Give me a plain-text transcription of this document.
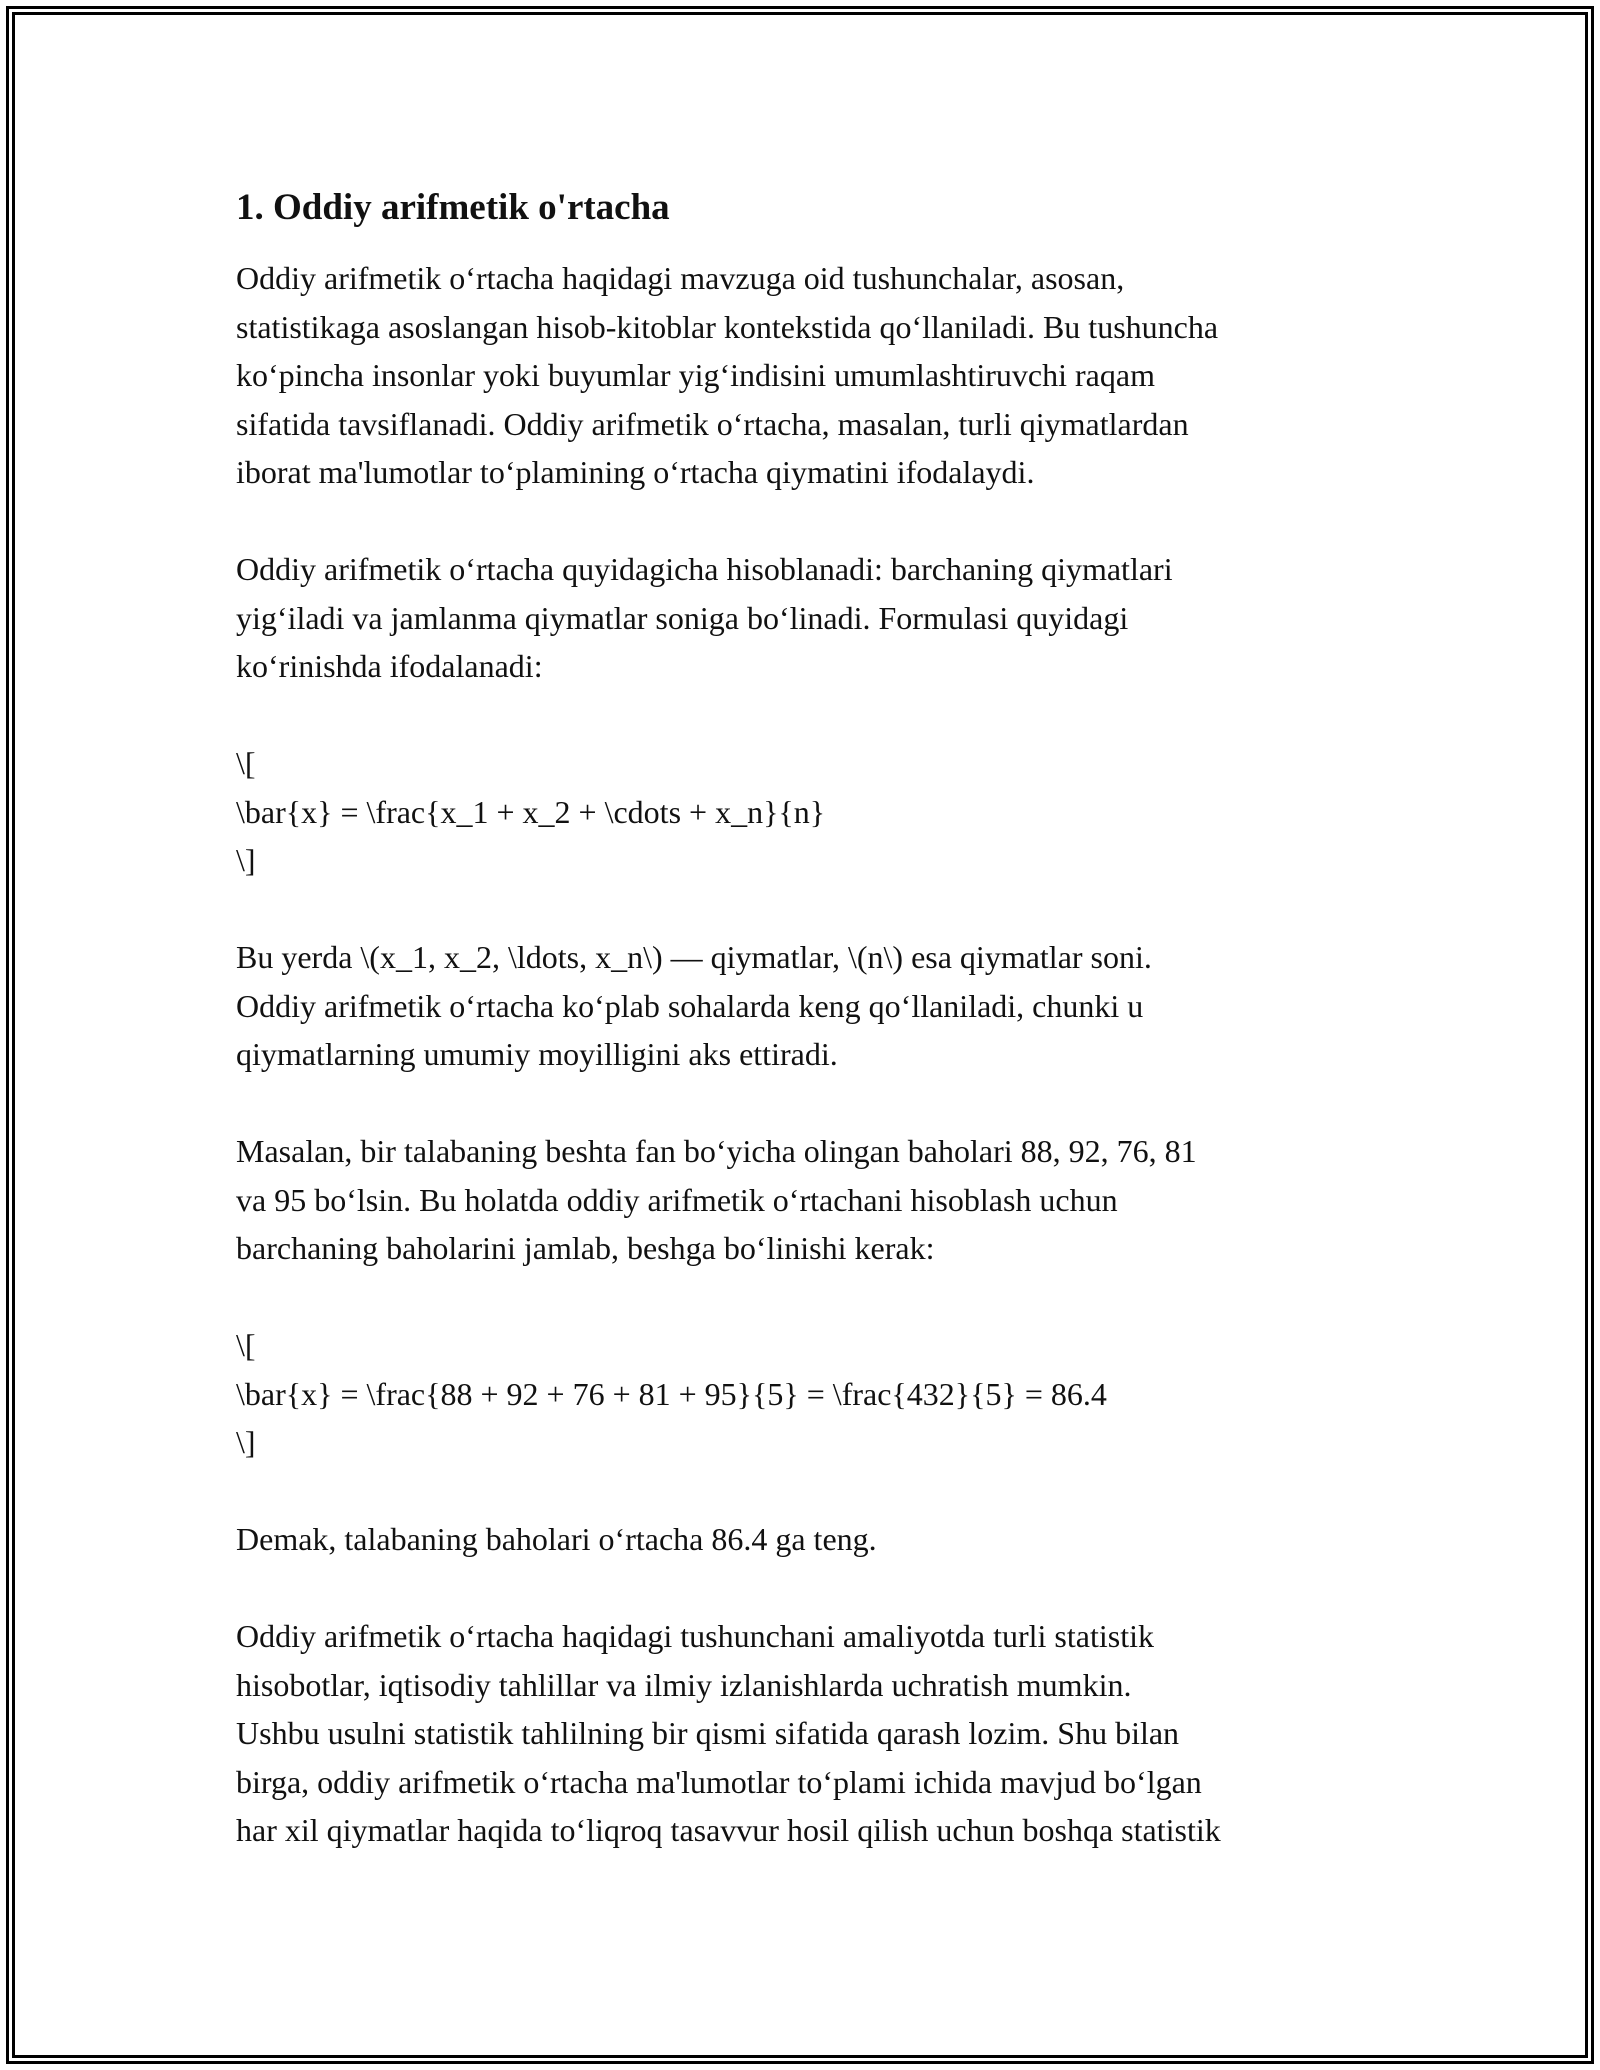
1. Oddiy arifmetik o'rtacha

Oddiy arifmetik o‘rtacha haqidagi mavzuga oid tushunchalar, asosan,
statistikaga asoslangan hisob-kitoblar kontekstida qo‘llaniladi. Bu tushuncha
ko‘pincha insonlar yoki buyumlar yig‘indisini umumlashtiruvchi raqam
sifatida tavsiflanadi. Oddiy arifmetik o‘rtacha, masalan, turli qiymatlardan
iborat ma'lumotlar to‘plamining o‘rtacha qiymatini ifodalaydi.

Oddiy arifmetik o‘rtacha quyidagicha hisoblanadi: barchaning qiymatlari
yig‘iladi va jamlanma qiymatlar soniga bo‘linadi. Formulasi quyidagi
ko‘rinishda ifodalanadi:

\[
\bar{x} = \frac{x_1 + x_2 + \cdots + x_n}{n}
\]

Bu yerda \(x_1, x_2, \ldots, x_n\) — qiymatlar, \(n\) esa qiymatlar soni.
Oddiy arifmetik o‘rtacha ko‘plab sohalarda keng qo‘llaniladi, chunki u
qiymatlarning umumiy moyilligini aks ettiradi.

Masalan, bir talabaning beshta fan bo‘yicha olingan baholari 88, 92, 76, 81
va 95 bo‘lsin. Bu holatda oddiy arifmetik o‘rtachani hisoblash uchun
barchaning baholarini jamlab, beshga bo‘linishi kerak:

\[
\bar{x} = \frac{88 + 92 + 76 + 81 + 95}{5} = \frac{432}{5} = 86.4
\]

Demak, talabaning baholari o‘rtacha 86.4 ga teng.

Oddiy arifmetik o‘rtacha haqidagi tushunchani amaliyotda turli statistik
hisobotlar, iqtisodiy tahlillar va ilmiy izlanishlarda uchratish mumkin.
Ushbu usulni statistik tahlilning bir qismi sifatida qarash lozim. Shu bilan
birga, oddiy arifmetik o‘rtacha ma'lumotlar to‘plami ichida mavjud bo‘lgan
har xil qiymatlar haqida to‘liqroq tasavvur hosil qilish uchun boshqa statistik
